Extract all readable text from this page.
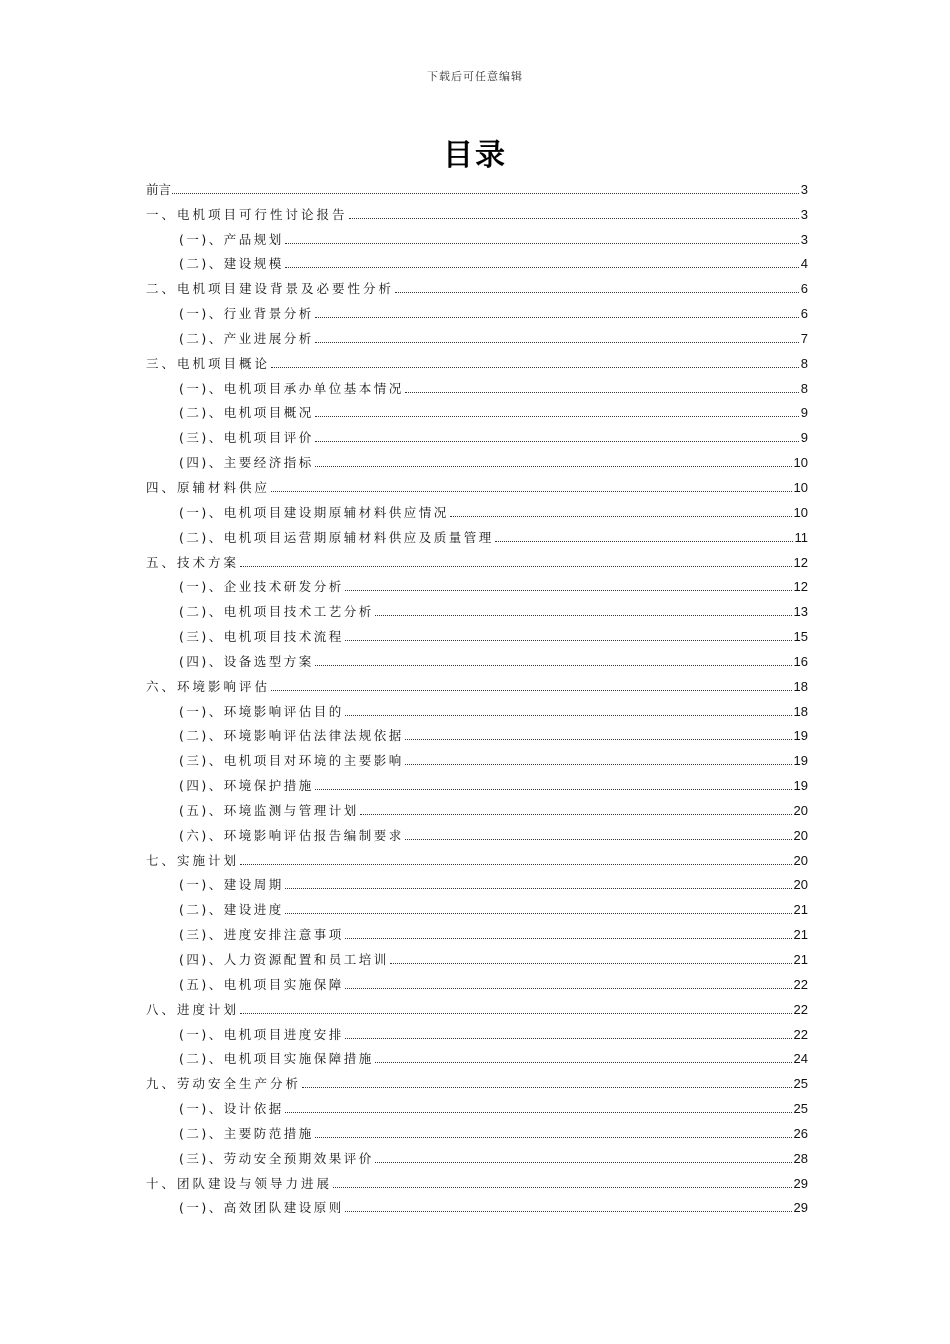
下载后可任意编辑
目录
前言	3
一、电机项目可行性讨论报告	3
(一)、产品规划	3
(二)、建设规模	4
二、电机项目建设背景及必要性分析	6
(一)、行业背景分析	6
(二)、产业进展分析	7
三、电机项目概论	8
(一)、电机项目承办单位基本情况	8
(二)、电机项目概况	9
(三)、电机项目评价	9
(四)、主要经济指标	10
四、原辅材料供应	10
(一)、电机项目建设期原辅材料供应情况	10
(二)、电机项目运营期原辅材料供应及质量管理	11
五、技术方案	12
(一)、企业技术研发分析	12
(二)、电机项目技术工艺分析	13
(三)、电机项目技术流程	15
(四)、设备选型方案	16
六、环境影响评估	18
(一)、环境影响评估目的	18
(二)、环境影响评估法律法规依据	19
(三)、电机项目对环境的主要影响	19
(四)、环境保护措施	19
(五)、环境监测与管理计划	20
(六)、环境影响评估报告编制要求	20
七、实施计划	20
(一)、建设周期	20
(二)、建设进度	21
(三)、进度安排注意事项	21
(四)、人力资源配置和员工培训	21
(五)、电机项目实施保障	22
八、进度计划	22
(一)、电机项目进度安排	22
(二)、电机项目实施保障措施	24
九、劳动安全生产分析	25
(一)、设计依据	25
(二)、主要防范措施	26
(三)、劳动安全预期效果评价	28
十、团队建设与领导力进展	29
(一)、高效团队建设原则	29
